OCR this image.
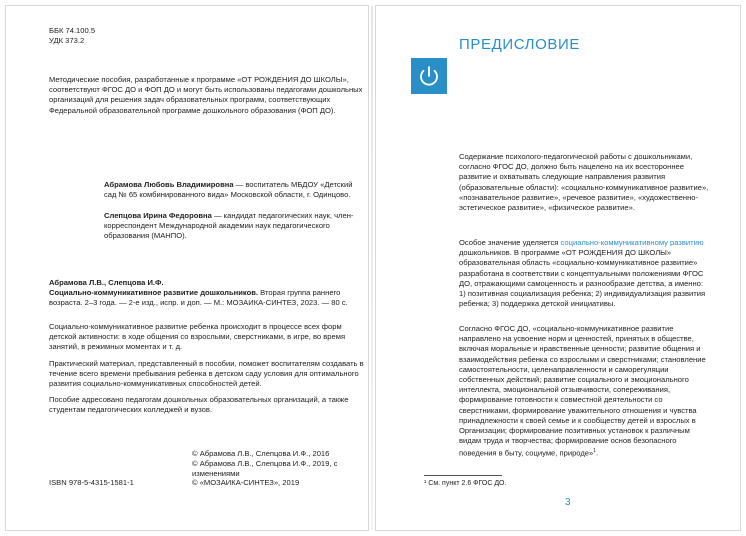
ББК 74.100.5

УДК 373.2

Методические пособия, разработанные к программе «ОТ РОЖДЕНИЯ ДО ШКОЛЫ», соответствуют ФГОС ДО и ФОП ДО и могут быть использованы педагогами дошкольных организаций для решения задач образовательных программ, соответствующих Федеральной образовательной программе дошкольного образования (ФОП ДО).

Абрамова Любовь Владимировна — воспитатель МБДОУ «Детский сад № 65 комбинированного вида» Московской области, г. Одинцово.
Слепцова Ирина Федоровна — кандидат педагогических наук, член-корреспондент Международной академии наук педагогического образования (МАНПО).

Абрамова Л.В., Слепцова И.Ф.

Социально-коммуникативное развитие дошкольников. Вторая группа раннего возраста. 2–3 года. — 2-е изд., испр. и доп. — М.: МОЗАИКА-СИНТЕЗ, 2023. — 80 с.

Социально-коммуникативное развитие ребенка происходит в процессе всех форм детской активности: в ходе общения со взрослыми, сверстниками, в игре, во время занятий, в режимных моментах и т. д.

Практический материал, представленный в пособии, поможет воспитателям создавать в течение всего времени пребывания ребенка в детском саду условия для оптимального развития социально-коммуникативных способностей детей.

Пособие адресовано педагогам дошкольных образовательных организаций, а также студентам педагогических колледжей и вузов.

© Абрамова Л.В., Слепцова И.Ф., 2016

© Абрамова Л.В., Слепцова И.Ф., 2019, с изменениями

© «МОЗАИКА-СИНТЕЗ», 2019

ISBN 978-5-4315-1581-1
ПРЕДИСЛОВИЕ

Содержание психолого-педагогической работы с дошкольниками, согласно ФГОС ДО, должно быть нацелено на их всестороннее развитие и охватывать следующие направления развития (образовательные области): «социально-коммуникативное развитие», «познавательное развитие», «речевое развитие», «художественно-эстетическое развитие», «физическое развитие».

Особое значение уделяется социально-коммуникативному развитию дошкольников. В программе «ОТ РОЖДЕНИЯ ДО ШКОЛЫ» образовательная область «социально-коммуникативное развитие» разработана в соответствии с концептуальными положениями ФГОС ДО, отражающими самоценность и разнообразие детства, а именно: 1) позитивная социализация ребенка; 2) индивидуализация развития ребенка; 3) поддержка детской инициативы.

Согласно ФГОС ДО, «социально-коммуникативное развитие направлено на усвоение норм и ценностей, принятых в обществе, включая моральные и нравственные ценности; развитие общения и взаимодействия ребенка со взрослыми и сверстниками; становление самостоятельности, целенаправленности и саморегуляции собственных действий; развитие социального и эмоционального интеллекта, эмоциональной отзывчивости, сопереживания, формирование готовности к совместной деятельности со сверстниками, формирование уважительного отношения и чувства принадлежности к своей семье и к сообществу детей и взрослых в Организации; формирование позитивных установок к различным видам труда и творчества; формирование основ безопасного поведения в быту, социуме, природе»$^1$.

¹ См. пункт 2.6 ФГОС ДО.
3
